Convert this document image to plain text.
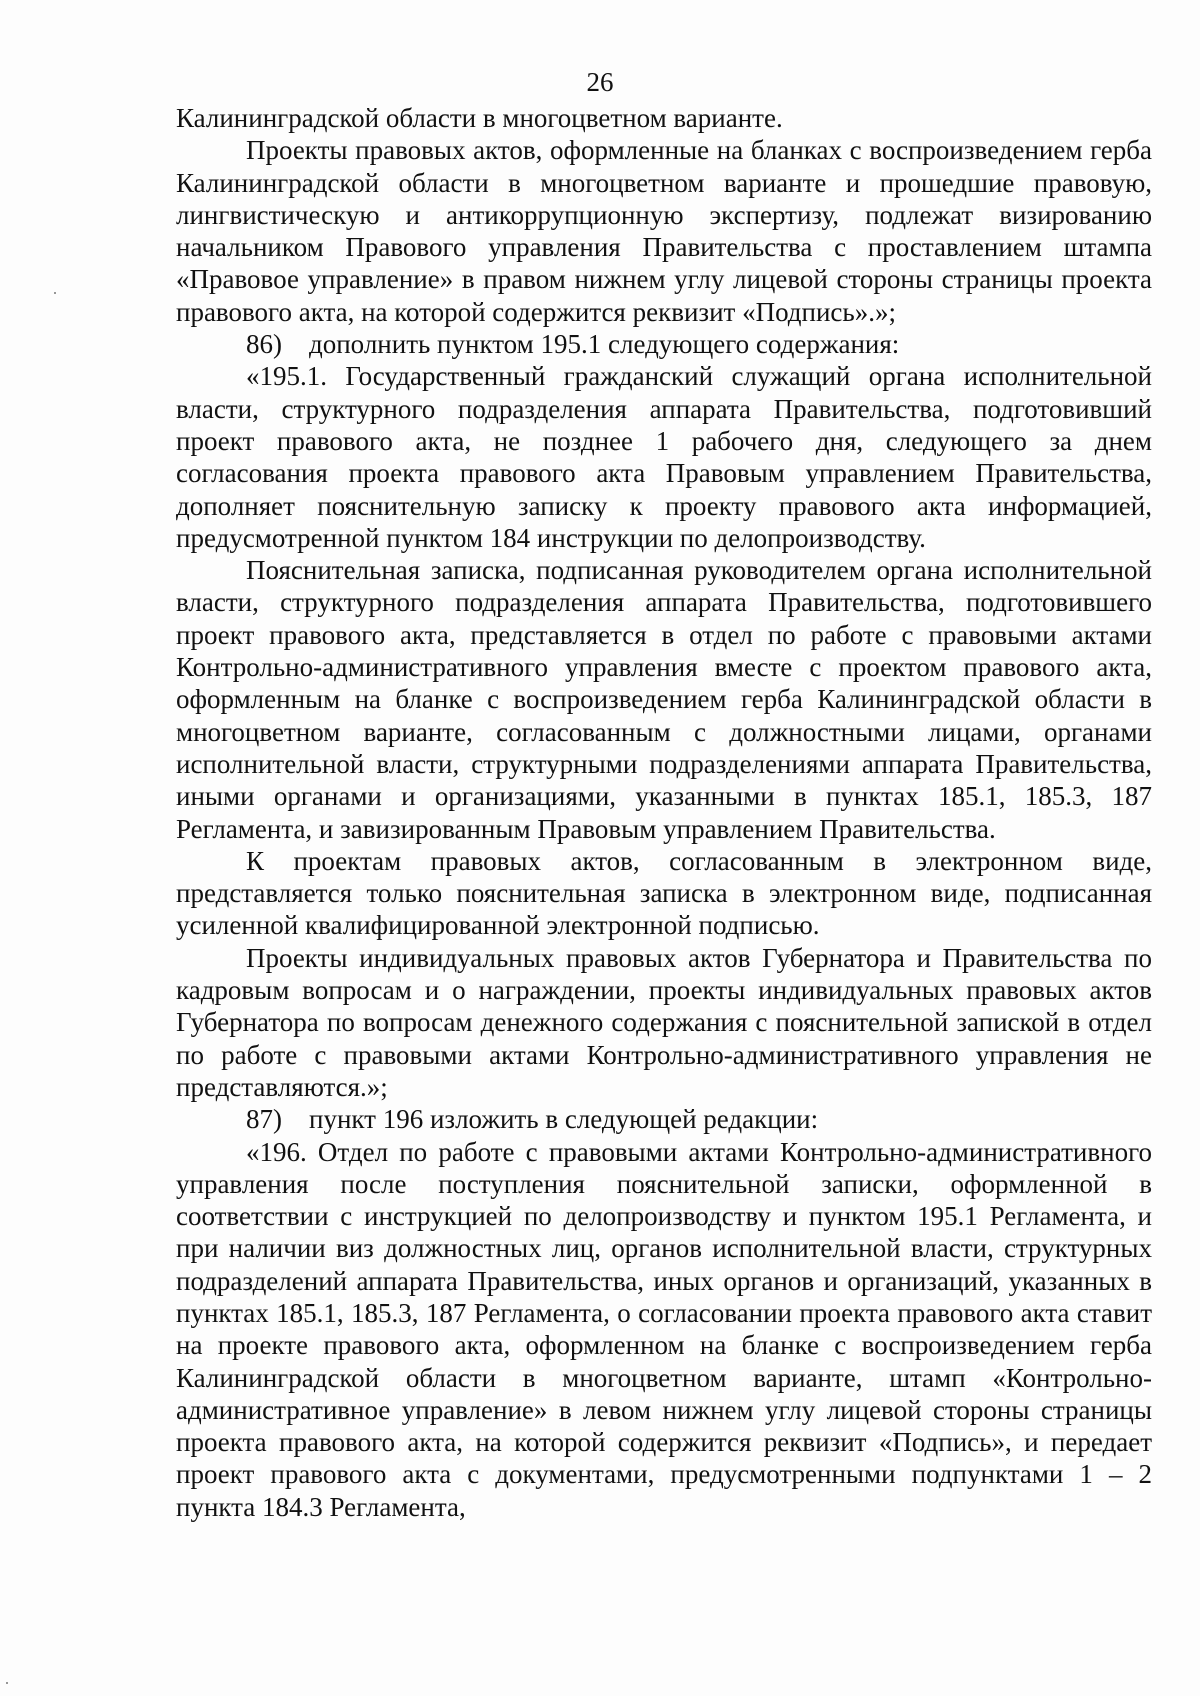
26

Калининградской области в многоцветном варианте.

Проекты правовых актов, оформленные на бланках с воспроизведением герба Калининградской области в многоцветном варианте и прошедшие правовую, лингвистическую и антикоррупционную экспертизу, подлежат визированию начальником Правового управления Правительства с проставлением штампа «Правовое управление» в правом нижнем углу лицевой стороны страницы проекта правового акта, на которой содержится реквизит «Подпись».»;

86)    дополнить пунктом 195.1 следующего содержания:

«195.1. Государственный гражданский служащий органа исполнительной власти, структурного подразделения аппарата Правительства, подготовивший проект правового акта, не позднее 1 рабочего дня, следующего за днем согласования проекта правового акта Правовым управлением Правительства, дополняет пояснительную записку к проекту правового акта информацией, предусмотренной пунктом 184 инструкции по делопроизводству.

Пояснительная записка, подписанная руководителем органа исполнительной власти, структурного подразделения аппарата Правительства, подготовившего проект правового акта, представляется в отдел по работе с правовыми актами Контрольно-административного управления вместе с проектом правового акта, оформленным на бланке с воспроизведением герба Калининградской области в многоцветном варианте, согласованным с должностными лицами, органами исполнительной власти, структурными подразделениями аппарата Правительства, иными органами и организациями, указанными в пунктах 185.1, 185.3, 187 Регламента, и завизированным Правовым управлением Правительства.

К проектам правовых актов, согласованным в электронном виде, представляется только пояснительная записка в электронном виде, подписанная усиленной квалифицированной электронной подписью.

Проекты индивидуальных правовых актов Губернатора и Правительства по кадровым вопросам и о награждении, проекты индивидуальных правовых актов Губернатора по вопросам денежного содержания с пояснительной запиской в отдел по работе с правовыми актами Контрольно-административного управления не представляются.»;

87)    пункт 196 изложить в следующей редакции:

«196. Отдел по работе с правовыми актами Контрольно-административного управления после поступления пояснительной записки, оформленной в соответствии с инструкцией по делопроизводству и пунктом 195.1 Регламента, и при наличии виз должностных лиц, органов исполнительной власти, структурных подразделений аппарата Правительства, иных органов и организаций, указанных в пунктах 185.1, 185.3, 187 Регламента, о согласовании проекта правового акта ставит на проекте правового акта, оформленном на бланке с воспроизведением герба Калининградской области в многоцветном варианте, штамп «Контрольно-административное управление» в левом нижнем углу лицевой стороны страницы проекта правового акта, на которой содержится реквизит «Подпись», и передает проект правового акта с документами, предусмотренными подпунктами 1 – 2 пункта 184.3 Регламента,
